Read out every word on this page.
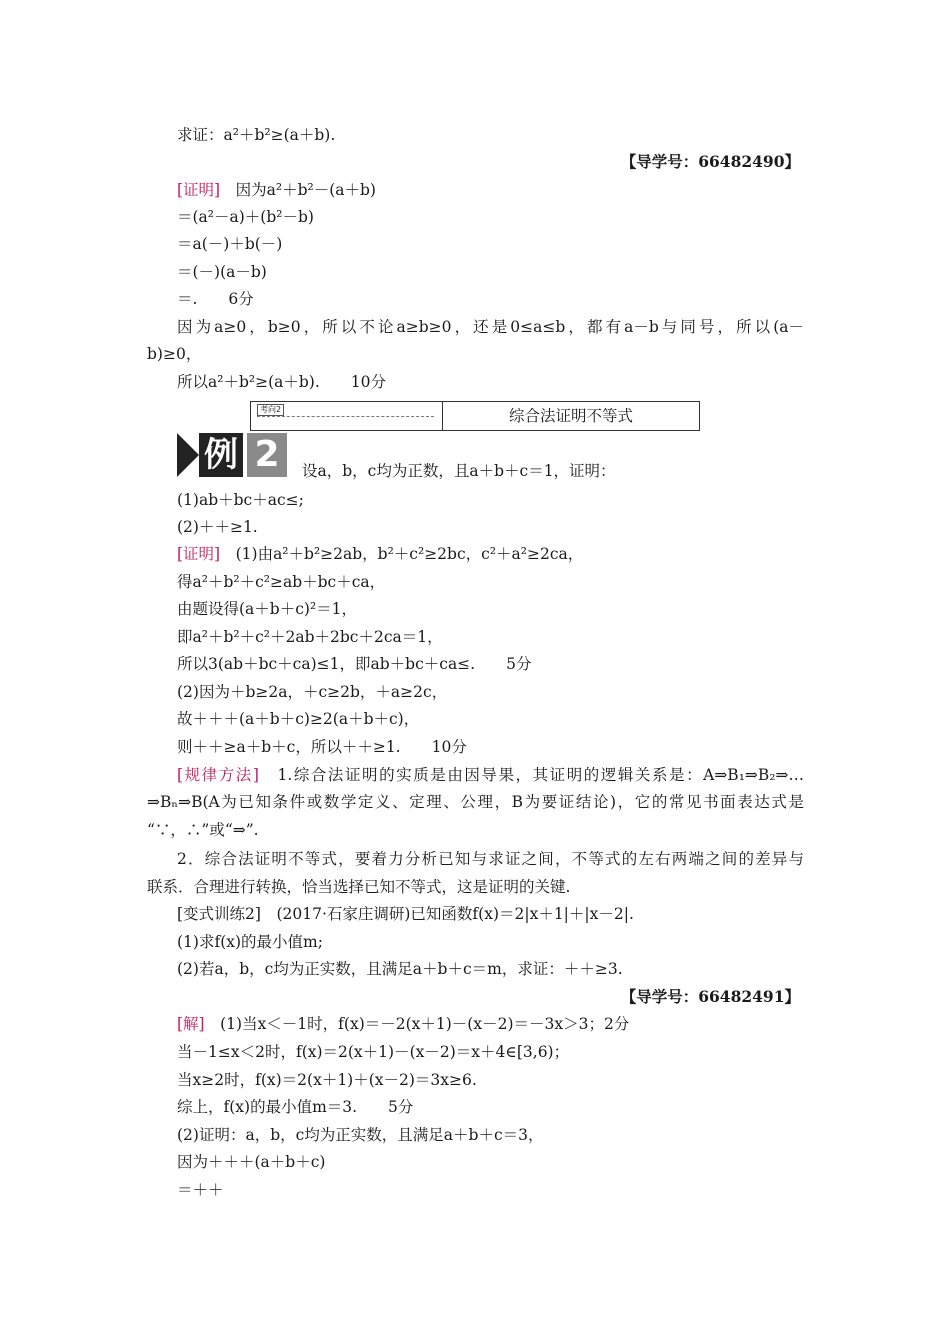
求证：a²＋b²≥(a＋b).
【导学号：66482490】
[证明]　因为a²＋b²－(a＋b)
＝(a²－a)＋(b²－b)
＝a(－)＋b(－)
＝(－)(a－b)
＝.　　6分
因为a≥0，b≥0，所以不论a≥b≥0，还是0≤a≤b，都有a－b与同号，所以(a－
b)≥0，
所以a²＋b²≥(a＋b).　　10分
考向2	综合法证明不等式
例 2	设a，b，c均为正数，且a＋b＋c＝1，证明：
(1)ab＋bc＋ac≤;
(2)＋＋≥1.
[证明]　(1)由a²＋b²≥2ab，b²＋c²≥2bc，c²＋a²≥2ca，
得a²＋b²＋c²≥ab＋bc＋ca，
由题设得(a＋b＋c)²＝1，
即a²＋b²＋c²＋2ab＋2bc＋2ca＝1，
所以3(ab＋bc＋ca)≤1，即ab＋bc＋ca≤.　　5分
(2)因为＋b≥2a，＋c≥2b，＋a≥2c，
故＋＋＋(a＋b＋c)≥2(a＋b＋c)，
则＋＋≥a＋b＋c，所以＋＋≥1.　　10分
[规律方法]　1.综合法证明的实质是由因导果，其证明的逻辑关系是：A⇒B₁⇒B₂⇒…
⇒Bₙ⇒B(A为已知条件或数学定义、定理、公理，B为要证结论)，它的常见书面表达式是
“∵，∴”或“⇒”.
2．综合法证明不等式，要着力分析已知与求证之间，不等式的左右两端之间的差异与
联系．合理进行转换，恰当选择已知不等式，这是证明的关键.
[变式训练2]　(2017·石家庄调研)已知函数f(x)＝2|x＋1|＋|x－2|.
(1)求f(x)的最小值m;
(2)若a，b，c均为正实数，且满足a＋b＋c＝m，求证：＋＋≥3.
【导学号：66482491】
[解]　(1)当x＜－1时，f(x)＝－2(x＋1)－(x－2)＝－3x＞3；2分
当－1≤x＜2时，f(x)＝2(x＋1)－(x－2)＝x＋4∈[3,6)；
当x≥2时，f(x)＝2(x＋1)＋(x－2)＝3x≥6.
综上，f(x)的最小值m＝3.　　5分
(2)证明：a，b，c均为正实数，且满足a＋b＋c＝3，
因为＋＋＋(a＋b＋c)
＝＋＋
